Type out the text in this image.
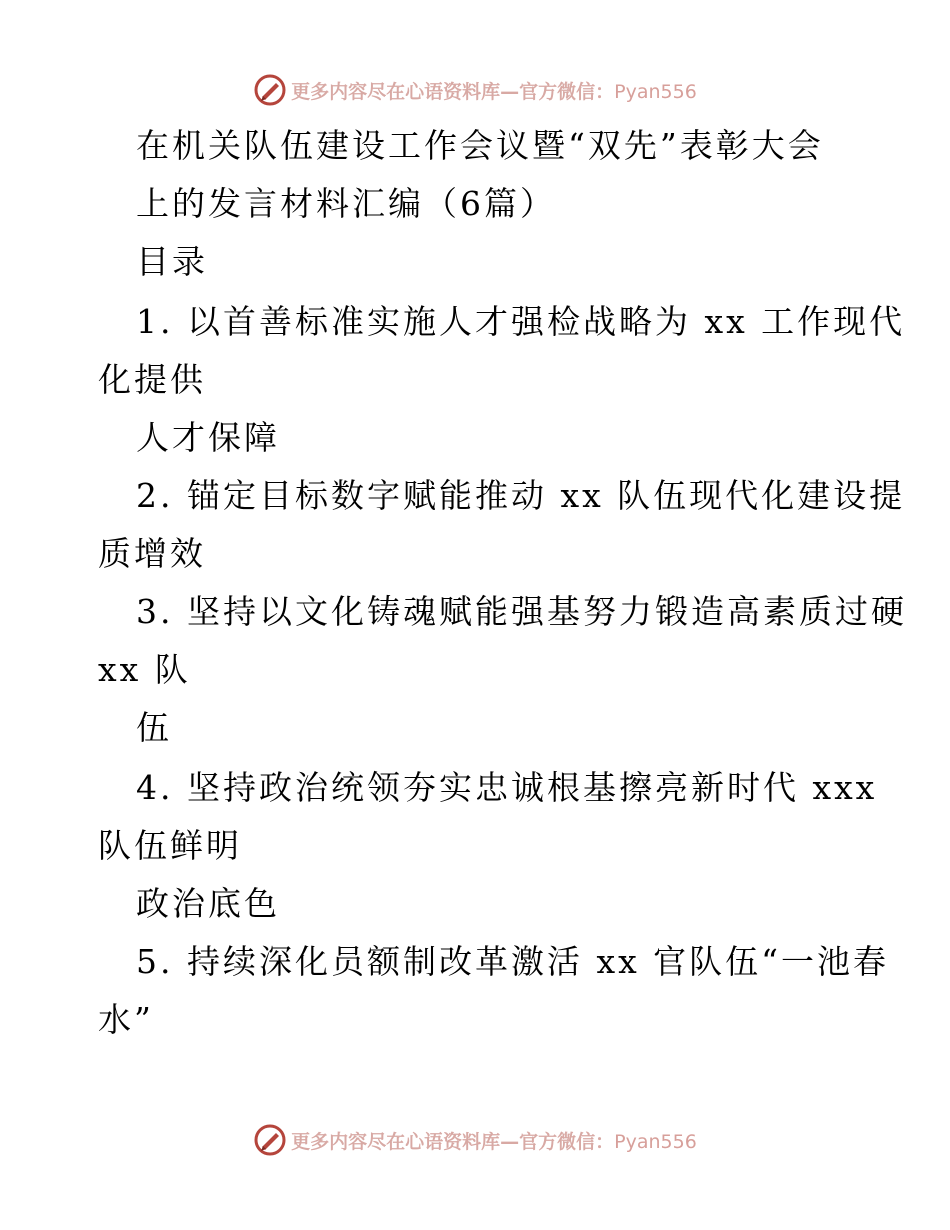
更多内容尽在心语资料库—官方微信：Pyan556
在机关队伍建设工作会议暨“双先”表彰大会
上的发言材料汇编（6篇）
目录
1. 以首善标准实施人才强检战略为 xx 工作现代
化提供
人才保障
2. 锚定目标数字赋能推动 xx 队伍现代化建设提
质增效
3. 坚持以文化铸魂赋能强基努力锻造高素质过硬
xx 队
伍
4. 坚持政治统领夯实忠诚根基擦亮新时代 xxx
队伍鲜明
政治底色
5. 持续深化员额制改革激活 xx 官队伍“一池春
水”
更多内容尽在心语资料库—官方微信：Pyan556
